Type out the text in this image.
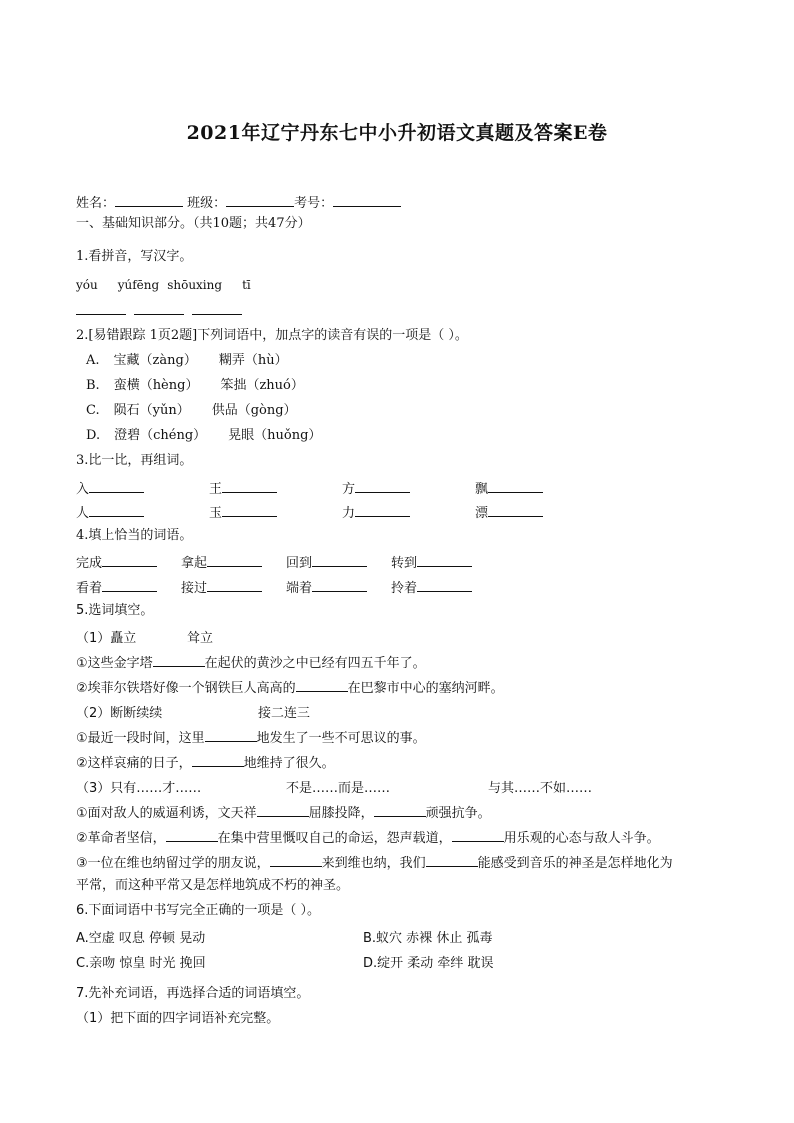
2021年辽宁丹东七中小升初语文真题及答案E卷
姓名：	班级：	考号：
一、基础知识部分。（共10题；共47分）
1.看拼音，写汉字。
yóu yúfēng shōuxing tī
2.[易错跟踪 1页2题]下列词语中，加点字的读音有误的一项是（ ）。
A. 宝藏（zàng） 糊弄（hù）
B. 蛮横（hèng） 笨拙（zhuó）
C. 陨石（yǔn） 供品（gòng）
D. 澄碧（chéng） 晃眼（huǒng）
3.比一比，再组词。
入	王	方	飘
人	玉	力	漂
4.填上恰当的词语。
完成	拿起	回到	转到
看着	接过	端着	拎着
5.选词填空。
（1）矗立	耸立
①这些金字塔	在起伏的黄沙之中已经有四五千年了。
②埃菲尔铁塔好像一个钢铁巨人高高的	在巴黎市中心的塞纳河畔。
（2）断断续续	接二连三
①最近一段时间，这里	地发生了一些不可思议的事。
②这样哀痛的日子，	地维持了很久。
（3）只有……才……	不是……而是……	与其……不如……
①面对敌人的威逼利诱，文天祥	屈膝投降，	顽强抗争。
②革命者坚信，	在集中营里慨叹自己的命运，怨声载道，	用乐观的心态与敌人斗争。
③一位在维也纳留过学的朋友说，	来到维也纳，我们	能感受到音乐的神圣是怎样地化为
平常，而这种平常又是怎样地筑成不朽的神圣。
6.下面词语中书写完全正确的一项是（ ）。
A.空虚 叹息 停顿 晃动	B.蚁穴 赤裸 休止 孤毒
C.亲吻 惊皇 时光 挽回	D.绽开 柔动 牵绊 耽误
7.先补充词语，再选择合适的词语填空。
（1）把下面的四字词语补充完整。
